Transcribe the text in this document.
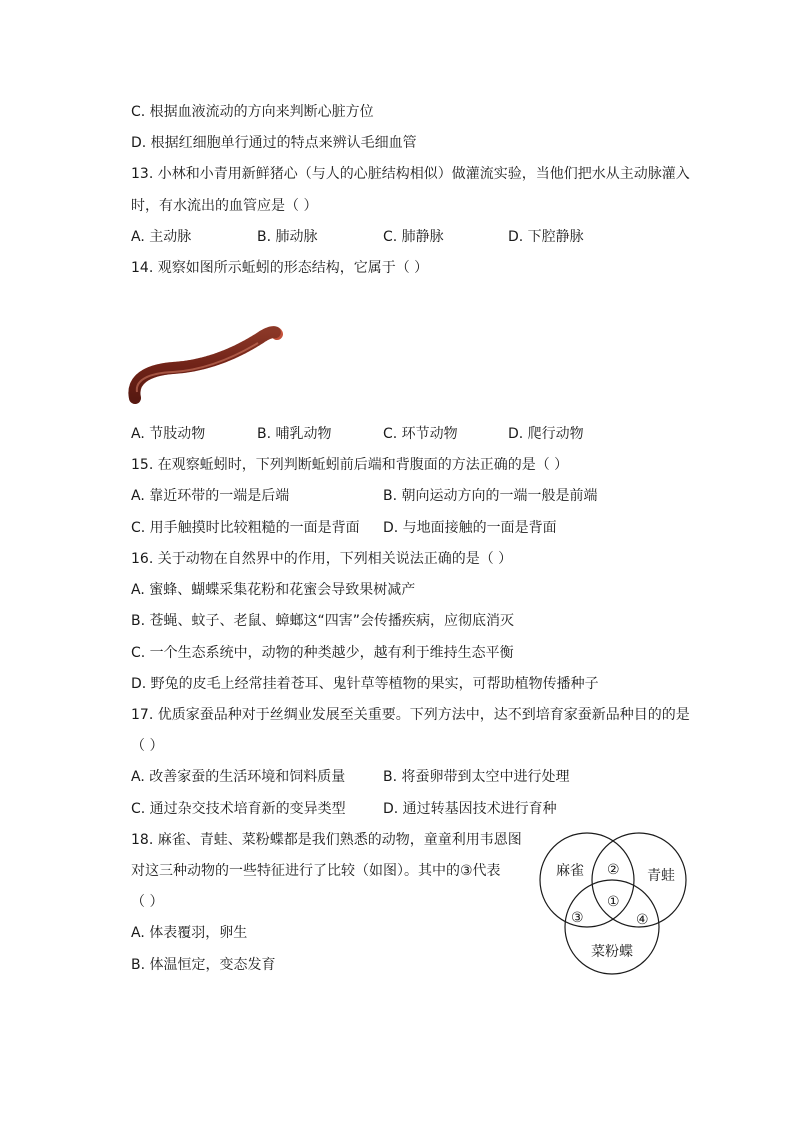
C. 根据血液流动的方向来判断心脏方位
D. 根据红细胞单行通过的特点来辨认毛细血管
13. 小林和小青用新鲜猪心（与人的心脏结构相似）做灌流实验，当他们把水从主动脉灌入
时，有水流出的血管应是（ ）
A. 主动脉	B. 肺动脉	C. 肺静脉	D. 下腔静脉
14. 观察如图所示蚯蚓的形态结构，它属于（ ）
A. 节肢动物	B. 哺乳动物	C. 环节动物	D. 爬行动物
15. 在观察蚯蚓时，下列判断蚯蚓前后端和背腹面的方法正确的是（ ）
A. 靠近环带的一端是后端	B. 朝向运动方向的一端一般是前端
C. 用手触摸时比较粗糙的一面是背面 D. 与地面接触的一面是背面
16. 关于动物在自然界中的作用，下列相关说法正确的是（ ）
A. 蜜蜂、蝴蝶采集花粉和花蜜会导致果树减产
B. 苍蝇、蚊子、老鼠、蟑螂这“四害”会传播疾病，应彻底消灭
C. 一个生态系统中，动物的种类越少，越有利于维持生态平衡
D. 野兔的皮毛上经常挂着苍耳、鬼针草等植物的果实，可帮助植物传播种子
17. 优质家蚕品种对于丝绸业发展至关重要。下列方法中，达不到培育家蚕新品种目的的是
（ ）
A. 改善家蚕的生活环境和饲料质量	B. 将蚕卵带到太空中进行处理
C. 通过杂交技术培育新的变异类型	D. 通过转基因技术进行育种
18. 麻雀、青蛙、菜粉蝶都是我们熟悉的动物，童童利用韦恩图
对这三种动物的一些特征进行了比较（如图）。其中的③代表
（ ）
A. 体表覆羽，卵生
B. 体温恒定，变态发育
麻雀	青蛙
菜粉蝶
②
①
③	④
